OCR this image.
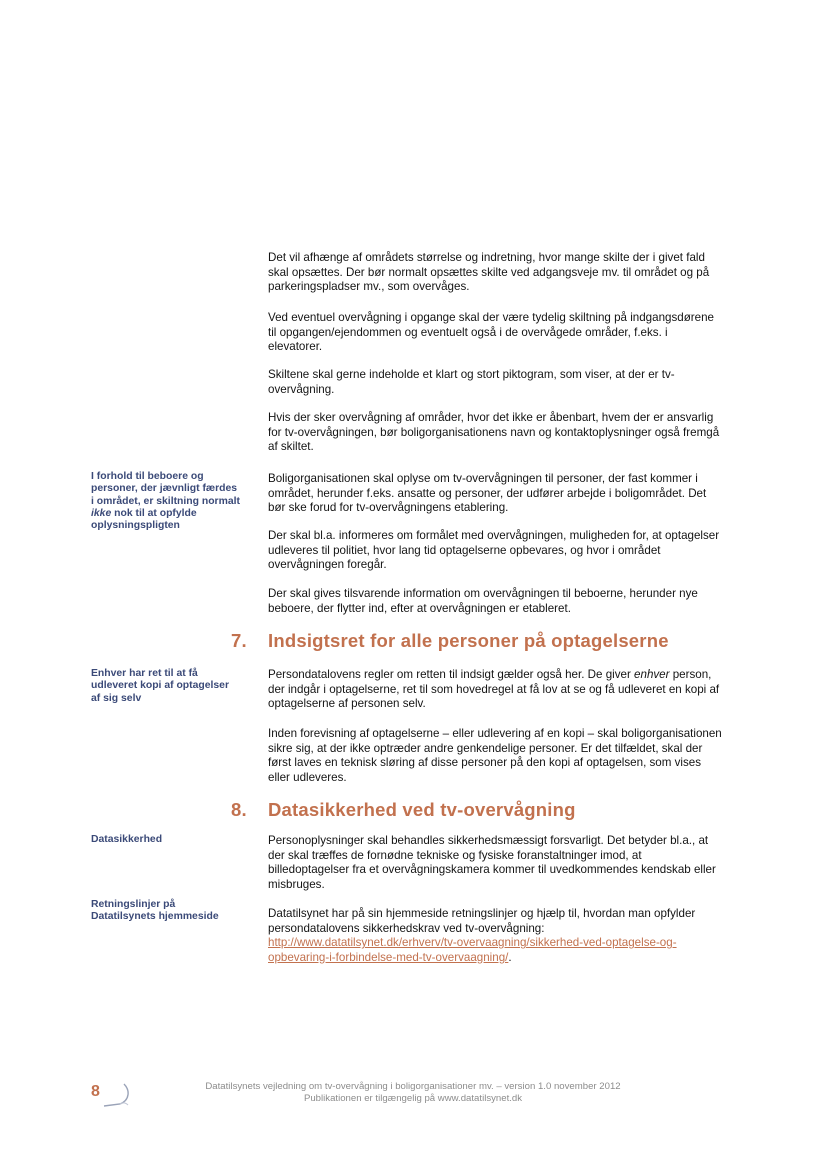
Det vil afhænge af områdets størrelse og indretning, hvor mange skilte der i givet fald skal opsættes. Der bør normalt opsættes skilte ved adgangsveje mv. til området og på parkeringspladser mv., som overvåges.

Ved eventuel overvågning i opgange skal der være tydelig skiltning på indgangsdørene til opgangen/ejendommen og eventuelt også i de overvågede områder, f.eks. i elevatorer.

Skiltene skal gerne indeholde et klart og stort piktogram, som viser, at der er tv-overvågning.

Hvis der sker overvågning af områder, hvor det ikke er åbenbart, hvem der er ansvarlig for tv-overvågningen, bør boligorganisationens navn og kontaktoplysninger også fremgå af skiltet.

Boligorganisationen skal oplyse om tv-overvågningen til personer, der fast kommer i området, herunder f.eks. ansatte og personer, der udfører arbejde i boligområdet. Det bør ske forud for tv-overvågningens etablering.

Der skal bl.a. informeres om formålet med overvågningen, muligheden for, at optagelser udleveres til politiet, hvor lang tid optagelserne opbevares, og hvor i området overvågningen foregår.

Der skal gives tilsvarende information om overvågningen til beboerne, herunder nye beboere, der flytter ind, efter at overvågningen er etableret.

7. Indsigtsret for alle personer på optagelserne

Persondatalovens regler om retten til indsigt gælder også her. De giver enhver person, der indgår i optagelserne, ret til som hovedregel at få lov at se og få udleveret en kopi af optagelserne af personen selv.

Inden forevisning af optagelserne – eller udlevering af en kopi – skal boligorganisationen sikre sig, at der ikke optræder andre genkendelige personer. Er det tilfældet, skal der først laves en teknisk sløring af disse personer på den kopi af optagelsen, som vises eller udleveres.

8. Datasikkerhed ved tv-overvågning

Personoplysninger skal behandles sikkerhedsmæssigt forsvarligt. Det betyder bl.a., at der skal træffes de fornødne tekniske og fysiske foranstaltninger imod, at billedoptagelser fra et overvågningskamera kommer til uvedkommendes kendskab eller misbruges.

Datatilsynet har på sin hjemmeside retningslinjer og hjælp til, hvordan man opfylder persondatalovens sikkerhedskrav ved tv-overvågning: http://www.datatilsynet.dk/erhverv/tv-overvaagning/sikkerhed-ved-optagelse-og-opbevaring-i-forbindelse-med-tv-overvaagning/.

I forhold til beboere og personer, der jævnligt færdes i området, er skiltning normalt ikke nok til at opfylde oplysningspligten
Enhver har ret til at få udleveret kopi af optagelser af sig selv
Datasikkerhed
Retningslinjer på Datatilsynets hjemmeside
8	Datatilsynets vejledning om tv-overvågning i boligorganisationer mv. – version 1.0 november 2012
Publikationen er tilgængelig på www.datatilsynet.dk
